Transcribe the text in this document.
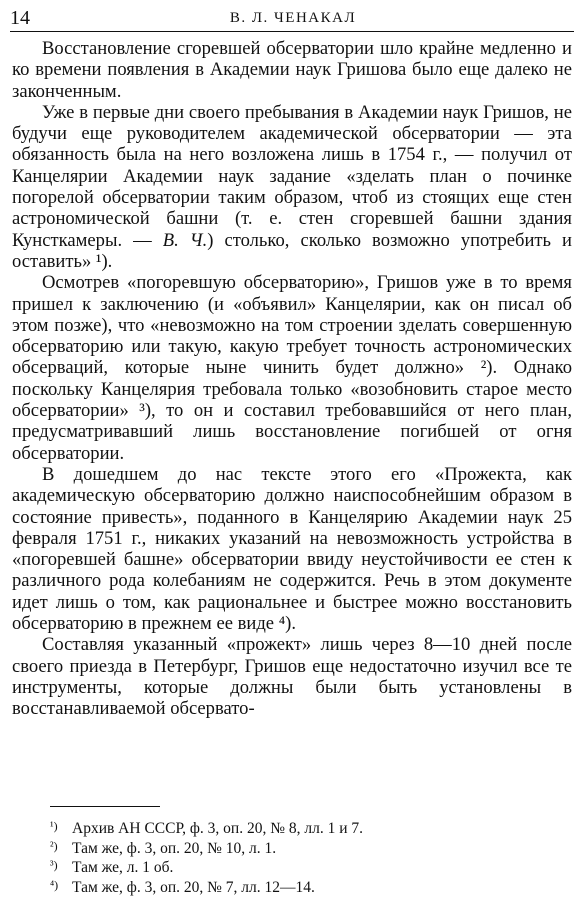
14	В. Л. ЧЕНАКАЛ

Восстановление сгоревшей обсерватории шло крайне медленно и ко времени появления в Академии наук Гришова было еще далеко не законченным.

Уже в первые дни своего пребывания в Академии наук Гришов, не будучи еще руководителем академической обсерватории — эта обязанность была на него возложена лишь в 1754 г., — получил от Канцелярии Академии наук задание «зделать план о починке погорелой обсерватории таким образом, чтоб из стоящих еще стен астрономической башни (т. е. стен сгоревшей башни здания Кунсткамеры. — В. Ч.) столько, сколько возможно употребить и оставить» ¹).

Осмотрев «погоревшую обсерваторию», Гришов уже в то время пришел к заключению (и «объявил» Канцелярии, как он писал об этом позже), что «невозможно на том строении зделать совершенную обсерваторию или такую, какую требует точность астрономических обсерваций, которые ныне чинить будет должно» ²). Однако поскольку Канцелярия требовала только «возобновить старое место обсерватории» ³), то он и составил требовавшийся от него план, предусматривавший лишь восстановление погибшей от огня обсерватории.

В дошедшем до нас тексте этого его «Прожекта, как академическую обсерваторию должно наиспособнейшим образом в состояние привесть», поданного в Канцелярию Академии наук 25 февраля 1751 г., никаких указаний на невозможность устройства в «погоревшей башне» обсерватории ввиду неустойчивости ее стен к различного рода колебаниям не содержится. Речь в этом документе идет лишь о том, как рациональнее и быстрее можно восстановить обсерваторию в прежнем ее виде ⁴).

Составляя указанный «прожект» лишь через 8—10 дней после своего приезда в Петербург, Гришов еще недостаточно изучил все те инструменты, которые должны были быть установлены в восстанавливаемой обсервато-

¹) Архив АН СССР, ф. 3, оп. 20, № 8, лл. 1 и 7.

²) Там же, ф. 3, оп. 20, № 10, л. 1.

³) Там же, л. 1 об.

⁴) Там же, ф. 3, оп. 20, № 7, лл. 12—14.
